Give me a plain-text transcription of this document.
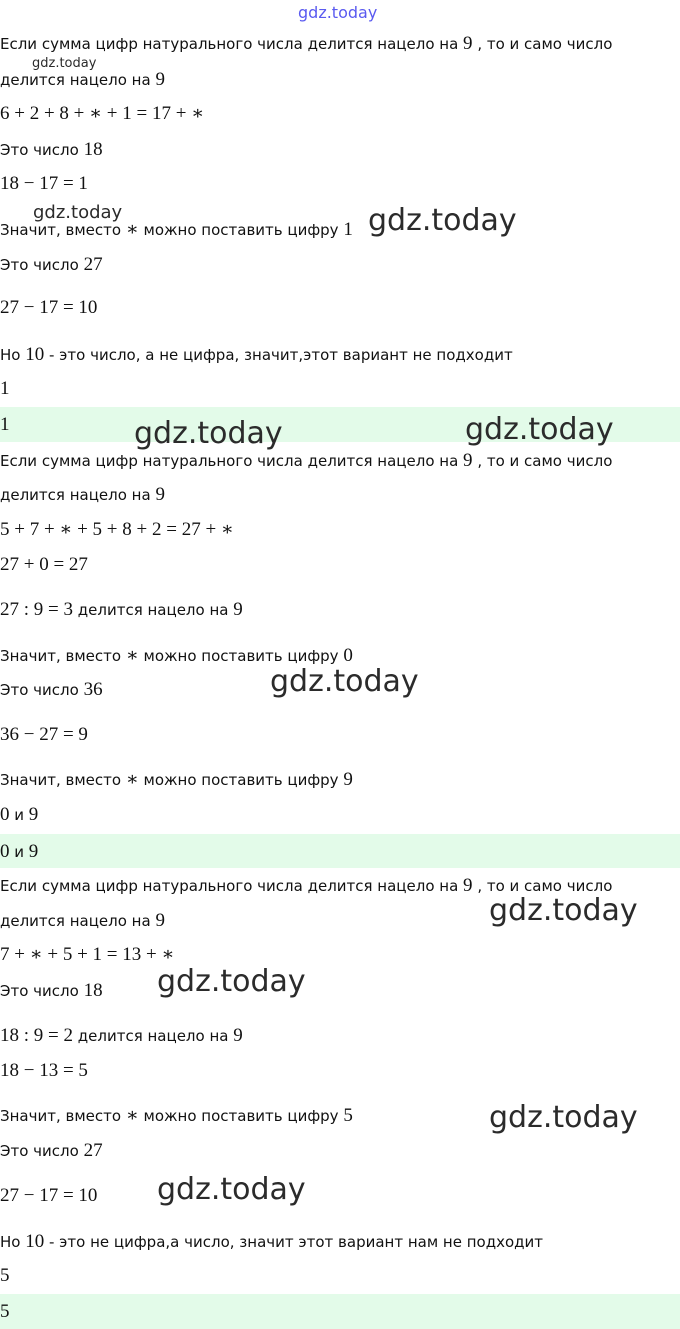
Если сумма цифр натурального числа делится нацело на 9 , то и само число
делится нацело на 9
6 + 2 + 8 + ∗ + 1 = 17 + ∗
Это число 18
18 − 17 = 1
Значит, вместо ∗ можно поставить цифру 1
Это число 27
27 − 17 = 10
Но 10 - это число, а не цифра, значит,этот вариант не подходит
1
1
Если сумма цифр натурального числа делится нацело на 9 , то и само число
делится нацело на 9
5 + 7 + ∗ + 5 + 8 + 2 = 27 + ∗
27 + 0 = 27
27 : 9 = 3 делится нацело на 9
Значит, вместо ∗ можно поставить цифру 0
Это число 36
36 − 27 = 9
Значит, вместо ∗ можно поставить цифру 9
0 и 9
0 и 9
Если сумма цифр натурального числа делится нацело на 9 , то и само число
делится нацело на 9
7 + ∗ + 5 + 1 = 13 + ∗
Это число 18
18 : 9 = 2 делится нацело на 9
18 − 13 = 5
Значит, вместо ∗ можно поставить цифру 5
Это число 27
27 − 17 = 10
Но 10 - это не цифра,а число, значит этот вариант нам не подходит
5
5
gdz.today
gdz.today
gdz.today	gdz.today
gdz.today	gdz.today
gdz.today
gdz.today
gdz.today
gdz.today
gdz.today
